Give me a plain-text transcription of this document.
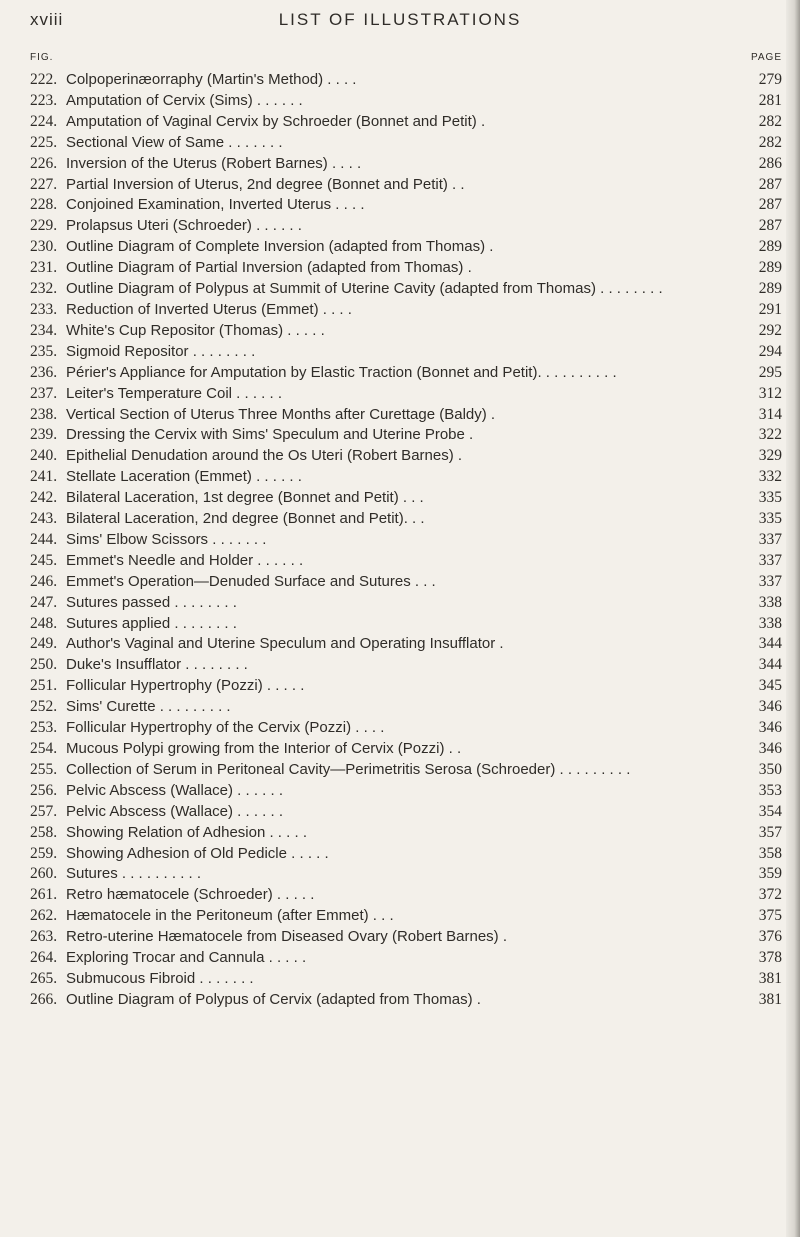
xviii	LIST OF ILLUSTRATIONS
FIG.	PAGE
222. Colpoperinæorraphy (Martin's Method) . . . .	279
223. Amputation of Cervix (Sims) . . . . . .	281
224. Amputation of Vaginal Cervix by Schroeder (Bonnet and Petit) .	282
225. Sectional View of Same . . . . . . .	282
226. Inversion of the Uterus (Robert Barnes) . . . .	286
227. Partial Inversion of Uterus, 2nd degree (Bonnet and Petit) . .	287
228. Conjoined Examination, Inverted Uterus . . . .	287
229. Prolapsus Uteri (Schroeder) . . . . . .	287
230. Outline Diagram of Complete Inversion (adapted from Thomas) .	289
231. Outline Diagram of Partial Inversion (adapted from Thomas) .	289
232. Outline Diagram of Polypus at Summit of Uterine Cavity (adapted from Thomas) . . . . . . . .	289
233. Reduction of Inverted Uterus (Emmet) . . . .	291
234. White's Cup Repositor (Thomas) . . . . .	292
235. Sigmoid Repositor . . . . . . . .	294
236. Périer's Appliance for Amputation by Elastic Traction (Bonnet and Petit). . . . . . . . . .	295
237. Leiter's Temperature Coil . . . . . .	312
238. Vertical Section of Uterus Three Months after Curettage (Baldy) .	314
239. Dressing the Cervix with Sims' Speculum and Uterine Probe .	322
240. Epithelial Denudation around the Os Uteri (Robert Barnes) .	329
241. Stellate Laceration (Emmet) . . . . . .	332
242. Bilateral Laceration, 1st degree (Bonnet and Petit) . . .	335
243. Bilateral Laceration, 2nd degree (Bonnet and Petit). . .	335
244. Sims' Elbow Scissors . . . . . . .	337
245. Emmet's Needle and Holder . . . . . .	337
246. Emmet's Operation—Denuded Surface and Sutures . . .	337
247. Sutures passed . . . . . . . .	338
248. Sutures applied . . . . . . . .	338
249. Author's Vaginal and Uterine Speculum and Operating Insufflator .	344
250. Duke's Insufflator . . . . . . . .	344
251. Follicular Hypertrophy (Pozzi) . . . . .	345
252. Sims' Curette . . . . . . . . .	346
253. Follicular Hypertrophy of the Cervix (Pozzi) . . . .	346
254. Mucous Polypi growing from the Interior of Cervix (Pozzi) . .	346
255. Collection of Serum in Peritoneal Cavity—Perimetritis Serosa (Schroeder) . . . . . . . . .	350
256. Pelvic Abscess (Wallace) . . . . . .	353
257. Pelvic Abscess (Wallace) . . . . . .	354
258. Showing Relation of Adhesion . . . . .	357
259. Showing Adhesion of Old Pedicle . . . . .	358
260. Sutures . . . . . . . . . .	359
261. Retro hæmatocele (Schroeder) . . . . .	372
262. Hæmatocele in the Peritoneum (after Emmet) . . .	375
263. Retro-uterine Hæmatocele from Diseased Ovary (Robert Barnes) .	376
264. Exploring Trocar and Cannula . . . . .	378
265. Submucous Fibroid . . . . . . .	381
266. Outline Diagram of Polypus of Cervix (adapted from Thomas) .	381
